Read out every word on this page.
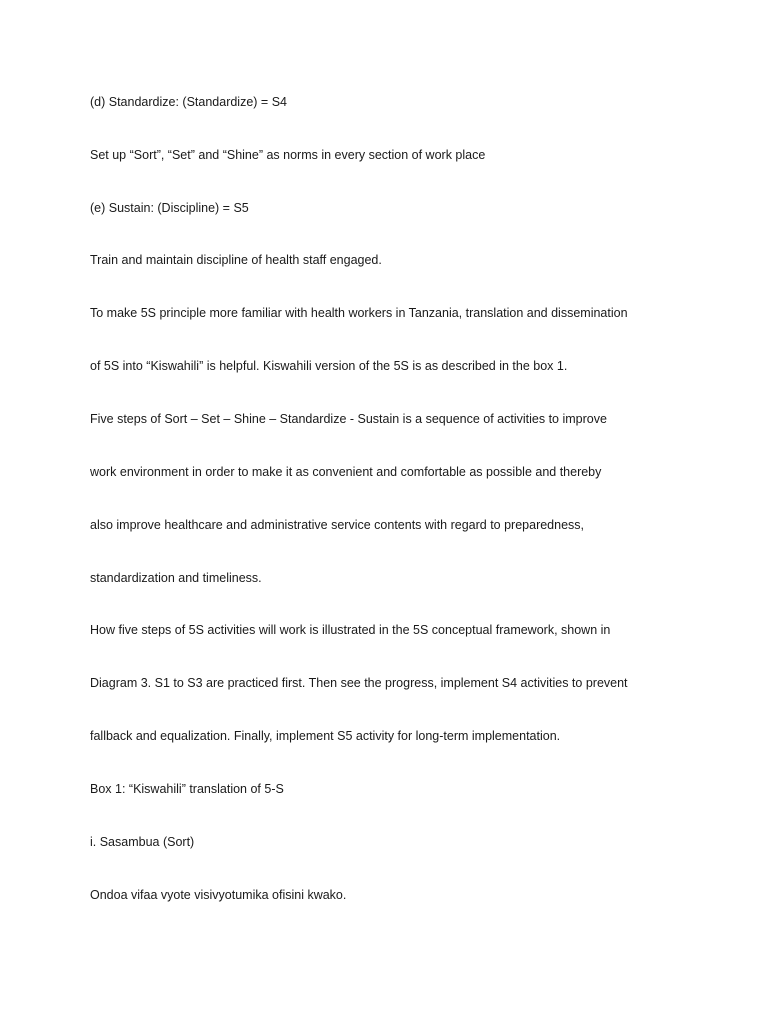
(d) Standardize: (Standardize) = S4

Set up “Sort”, “Set” and “Shine” as norms in every section of work place

(e) Sustain: (Discipline) = S5

Train and maintain discipline of health staff engaged.

To make 5S principle more familiar with health workers in Tanzania, translation and dissemination

of 5S into “Kiswahili” is helpful. Kiswahili version of the 5S is as described in the box 1.

Five steps of Sort – Set – Shine – Standardize - Sustain is a sequence of activities to improve

work environment in order to make it as convenient and comfortable as possible and thereby

also improve healthcare and administrative service contents with regard to preparedness,

standardization and timeliness.

How five steps of 5S activities will work is illustrated in the 5S conceptual framework, shown in

Diagram 3. S1 to S3 are practiced first. Then see the progress, implement S4 activities to prevent

fallback and equalization. Finally, implement S5 activity for long-term implementation.

Box 1: “Kiswahili” translation of 5-S

i. Sasambua (Sort)

Ondoa vifaa vyote visivyotumika ofisini kwako.
